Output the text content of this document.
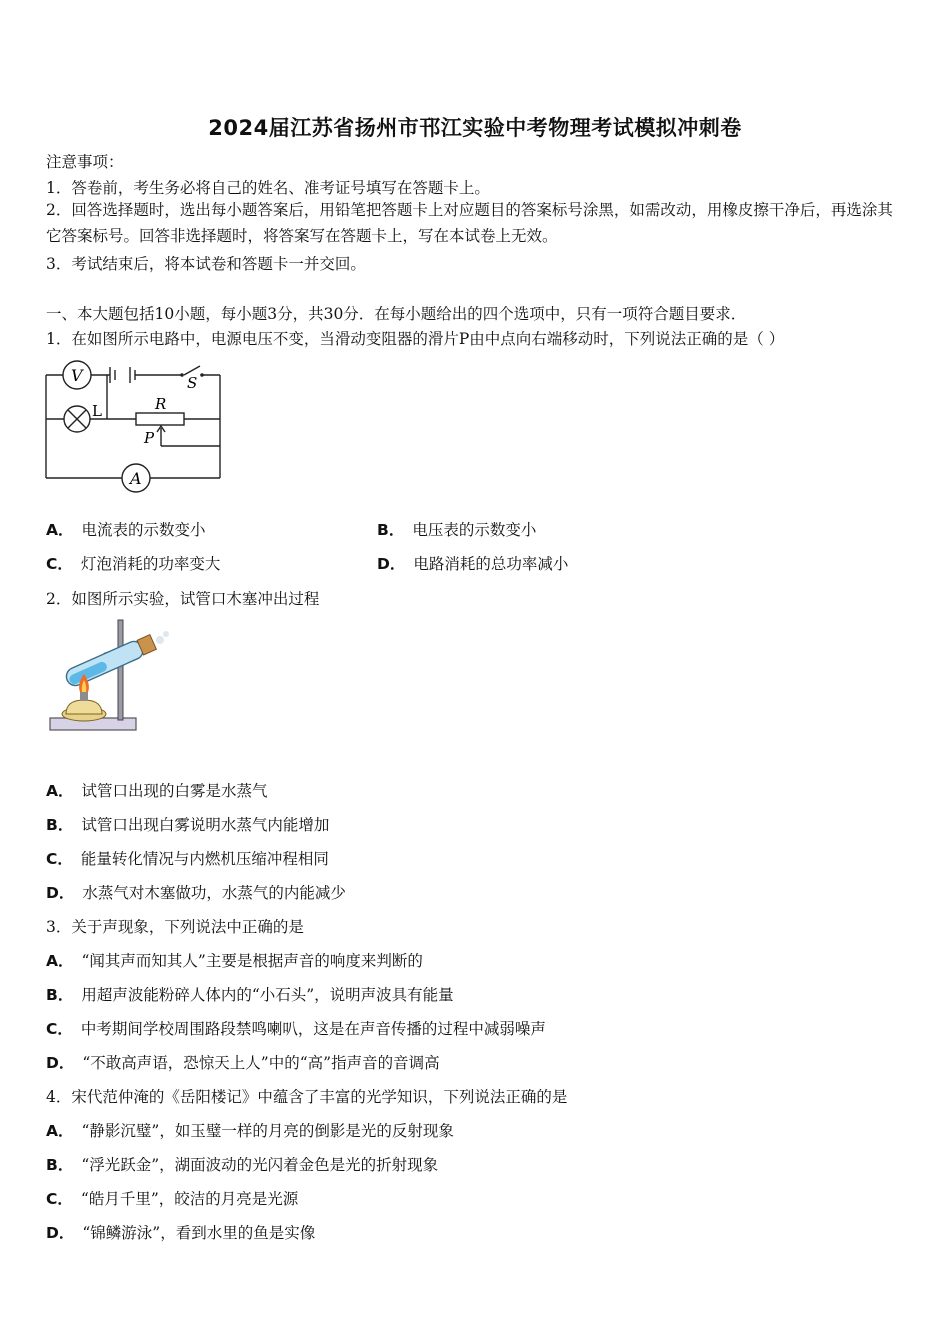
2024届江苏省扬州市邗江实验中考物理考试模拟冲刺卷
注意事项：
1．答卷前，考生务必将自己的姓名、准考证号填写在答题卡上。
2．回答选择题时，选出每小题答案后，用铅笔把答题卡上对应题目的答案标号涂黑，如需改动，用橡皮擦干净后，再选涂其它答案标号。回答非选择题时，将答案写在答题卡上，写在本试卷上无效。
3．考试结束后，将本试卷和答题卡一并交回。
一、本大题包括10小题，每小题3分，共30分．在每小题给出的四个选项中，只有一项符合题目要求．
1．在如图所示电路中，电源电压不变，当滑动变阻器的滑片P由中点向右端移动时，下列说法正确的是（ ）
V
L
S
R
P
A
A． 电流表的示数变小	B． 电压表的示数变小
C． 灯泡消耗的功率变大	D． 电路消耗的总功率减小
2．如图所示实验，试管口木塞冲出过程
A． 试管口出现的白雾是水蒸气
B． 试管口出现白雾说明水蒸气内能增加
C． 能量转化情况与内燃机压缩冲程相同
D． 水蒸气对木塞做功，水蒸气的内能减少
3．关于声现象，下列说法中正确的是
A． “闻其声而知其人”主要是根据声音的响度来判断的
B． 用超声波能粉碎人体内的“小石头”，说明声波具有能量
C． 中考期间学校周围路段禁鸣喇叭，这是在声音传播的过程中减弱噪声
D． “不敢高声语，恐惊天上人”中的“高”指声音的音调高
4．宋代范仲淹的《岳阳楼记》中蕴含了丰富的光学知识，下列说法正确的是
A． “静影沉璧”，如玉璧一样的月亮的倒影是光的反射现象
B． “浮光跃金”，湖面波动的光闪着金色是光的折射现象
C． “皓月千里”，皎洁的月亮是光源
D． “锦鳞游泳”，看到水里的鱼是实像
